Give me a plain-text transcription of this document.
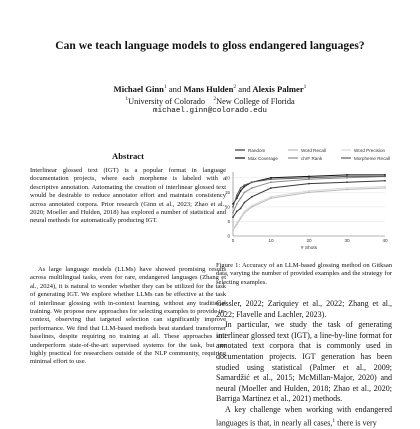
Can we teach language models to gloss endangered languages?
Michael Ginn$^1$ and Mans Hulden$^2$ and Alexis Palmer$^1$
$^1$University of Colorado $^2$New College of Florida
michael.ginn@colorado.edu
Abstract
Interlinear glossed text (IGT) is a popular format in language documentation projects, where each morpheme is labeled with a descriptive annotation. Automating the creation of interlinear glossed text would be desirable to reduce annotator effort and maintain consistency across annotated corpora. Prior research (Ginn et al., 2023; Zhao et al., 2020; Moeller and Hulden, 2018) has explored a number of statistical and neural methods for automatically producing IGT.
As large language models (LLMs) have showed promising results across multilingual tasks, even for rare, endangered languages (Zhang et al., 2024), it is natural to wonder whether they can be utilized for the task of generating IGT. We explore whether LLMs can be effective at the task of interlinear glossing with in-context learning, without any traditional training. We propose new approaches for selecting examples to provide in-context, observing that targeted selection can significantly improve performance. We find that LLM-based methods beat standard transformer baselines, despite requiring no training at all. These approaches still underperform state-of-the-art supervised systems for the task, but are highly practical for researchers outside of the NLP community, requiring minimal effort to use.
Random	Word Recall	Word Precision
Max Coverage	chrF Rank	Morpheme Recall
0
5
10
15
20
0	10	20	30	40
# Shots
Figure 1: Accuracy of an LLM-based glossing method on Gitksan data, varying the number of provided examples and the strategy for selecting examples.

Gessler, 2022; Zariquiey et al., 2022; Zhang et al., 2022; Flavelle and Lachler, 2023).

In particular, we study the task of generating interlinear glossed text (IGT), a line-by-line format for annotated text corpora that is commonly used in documentation projects. IGT generation has been studied using statistical (Palmer et al., 2009; Samardžić et al., 2015; McMillan-Major, 2020) and neural (Moeller and Hulden, 2018; Zhao et al., 2020; Barriga Martínez et al., 2021) methods.

A key challenge when working with endangered languages is that, in nearly all cases,$^1$ there is very
